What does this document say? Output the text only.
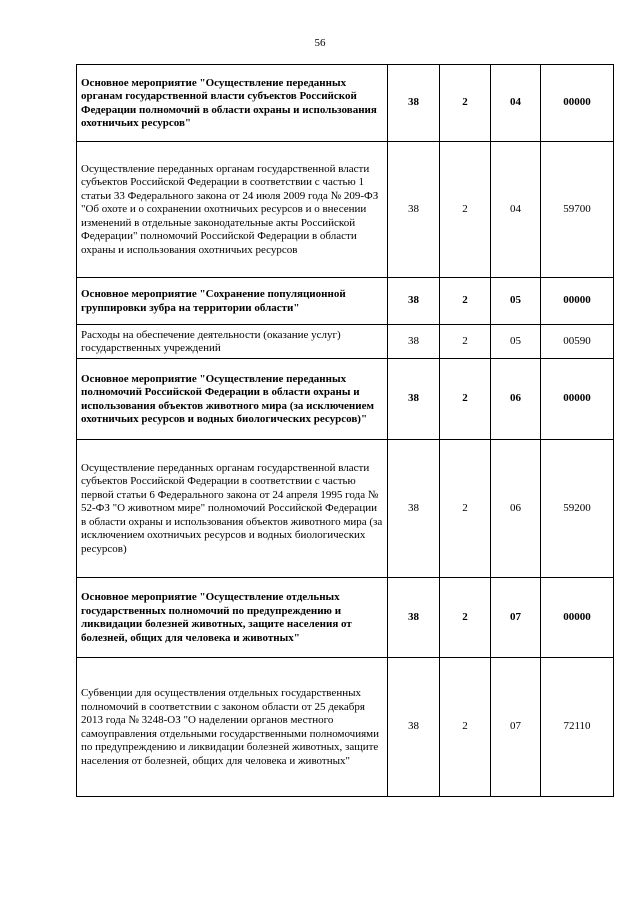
56
Основное мероприятие "Осуществление переданных органам государственной власти субъектов Российской Федерации полномочий в области охраны и использования охотничьих ресурсов"	38	2	04	00000
Осуществление переданных органам государственной власти субъектов Российской Федерации в соответствии с частью 1 статьи 33 Федерального закона от 24 июля 2009 года № 209-ФЗ "Об охоте и о сохранении охотничьих ресурсов и о внесении изменений в отдельные законодательные акты Российской Федерации" полномочий Российской Федерации в области охраны и использования охотничьих ресурсов	38	2	04	59700
Основное мероприятие "Сохранение популяционной группировки зубра на территории области"	38	2	05	00000
Расходы на обеспечение деятельности (оказание услуг) государственных учреждений	38	2	05	00590
Основное мероприятие "Осуществление переданных полномочий Российской Федерации в области охраны и использования объектов животного мира (за исключением охотничьих ресурсов и водных биологических ресурсов)"	38	2	06	00000
Осуществление переданных органам государственной власти субъектов Российской Федерации в соответствии с частью первой статьи 6 Федерального закона от 24 апреля 1995 года № 52-ФЗ "О животном мире" полномочий Российской Федерации в области охраны и использования объектов животного мира (за исключением охотничьих ресурсов и водных биологических ресурсов)	38	2	06	59200
Основное мероприятие "Осуществление отдельных государственных полномочий по предупреждению и ликвидации болезней животных, защите населения от болезней, общих для человека и животных"	38	2	07	00000
Субвенции для осуществления отдельных государственных полномочий в соответствии с законом области от 25 декабря 2013 года № 3248-ОЗ "О наделении органов местного самоуправления отдельными государственными полномочиями по предупреждению и ликвидации болезней животных, защите населения от болезней, общих для человека и животных"	38	2	07	72110
